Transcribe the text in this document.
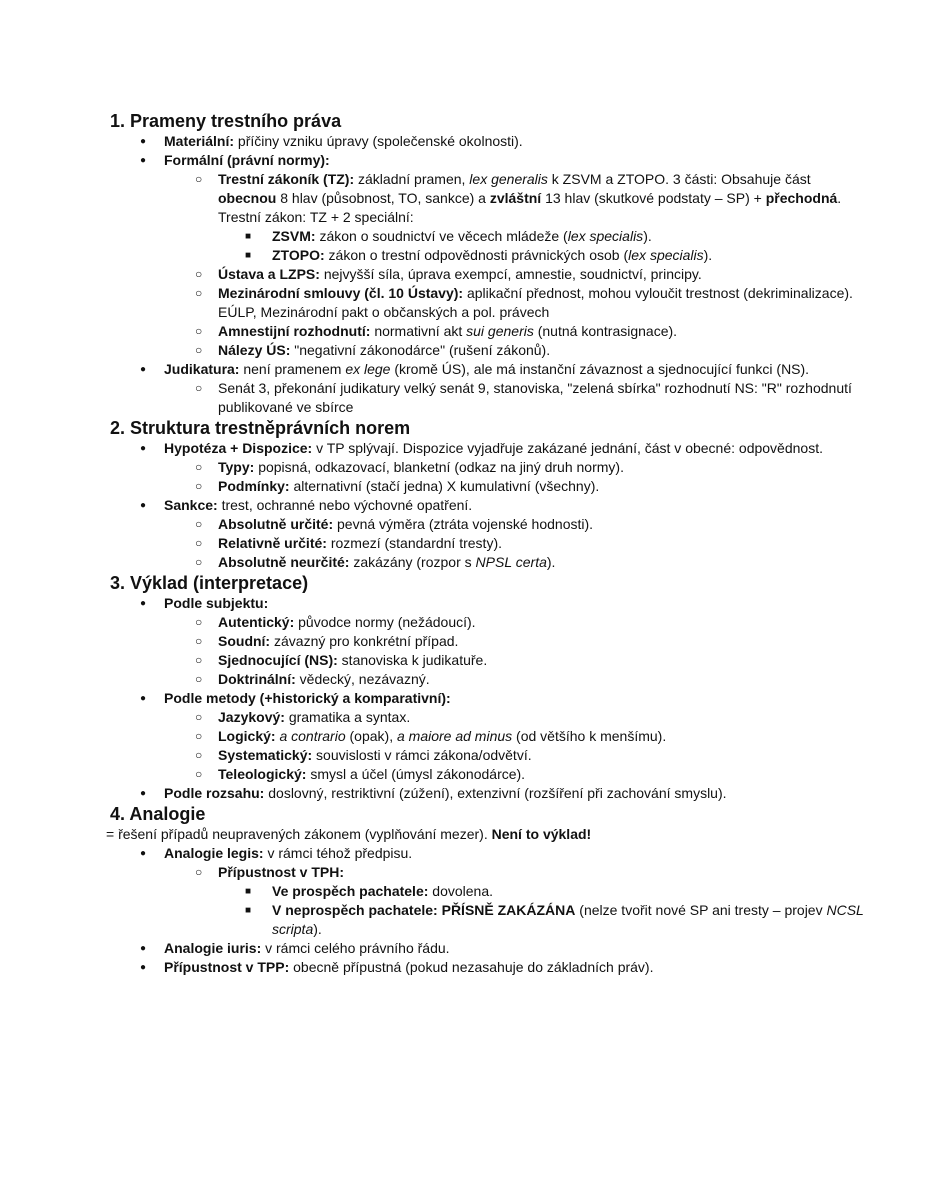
1. Prameny trestního práva
● Materiální: příčiny vzniku úpravy (společenské okolnosti).
● Formální (právní normy):
○ Trestní zákoník (TZ): základní pramen, lex generalis k ZSVM a ZTOPO. 3 části: Obsahuje část obecnou 8 hlav (působnost, TO, sankce) a zvláštní 13 hlav (skutkové podstaty – SP) + přechodná. Trestní zákon: TZ + 2 speciální:
■ ZSVM: zákon o soudnictví ve věcech mládeže (lex specialis).
■ ZTOPO: zákon o trestní odpovědnosti právnických osob (lex specialis).
○ Ústava a LZPS: nejvyšší síla, úprava exempcí, amnestie, soudnictví, principy.
○ Mezinárodní smlouvy (čl. 10 Ústavy): aplikační přednost, mohou vyloučit trestnost (dekriminalizace). EÚLP, Mezinárodní pakt o občanských a pol. právech
○ Amnestijní rozhodnutí: normativní akt sui generis (nutná kontrasignace).
○ Nálezy ÚS: "negativní zákonodárce" (rušení zákonů).
● Judikatura: není pramenem ex lege (kromě ÚS), ale má instanční závaznost a sjednocující funkci (NS).
○ Senát 3, překonání judikatury velký senát 9, stanoviska, "zelená sbírka" rozhodnutí NS: "R" rozhodnutí publikované ve sbírce
2. Struktura trestněprávních norem
● Hypotéza + Dispozice: v TP splývají. Dispozice vyjadřuje zakázané jednání, část v obecné: odpovědnost.
○ Typy: popisná, odkazovací, blanketní (odkaz na jiný druh normy).
○ Podmínky: alternativní (stačí jedna) X kumulativní (všechny).
● Sankce: trest, ochranné nebo výchovné opatření.
○ Absolutně určité: pevná výměra (ztráta vojenské hodnosti).
○ Relativně určité: rozmezí (standardní tresty).
○ Absolutně neurčité: zakázány (rozpor s NPSL certa).
3. Výklad (interpretace)
● Podle subjektu:
○ Autentický: původce normy (nežádoucí).
○ Soudní: závazný pro konkrétní případ.
○ Sjednocující (NS): stanoviska k judikatuře.
○ Doktrinální: vědecký, nezávazný.
● Podle metody (+historický a komparativní):
○ Jazykový: gramatika a syntax.
○ Logický: a contrario (opak), a maiore ad minus (od většího k menšímu).
○ Systematický: souvislosti v rámci zákona/odvětví.
○ Teleologický: smysl a účel (úmysl zákonodárce).
● Podle rozsahu: doslovný, restriktivní (zúžení), extenzivní (rozšíření při zachování smyslu).
4. Analogie
= řešení případů neupravených zákonem (vyplňování mezer). Není to výklad!
● Analogie legis: v rámci téhož předpisu.
○ Přípustnost v TPH:
■ Ve prospěch pachatele: dovolena.
■ V neprospěch pachatele: PŘÍSNĚ ZAKÁZÁNA (nelze tvořit nové SP ani tresty – projev NCSL scripta).
● Analogie iuris: v rámci celého právního řádu.
● Přípustnost v TPP: obecně přípustná (pokud nezasahuje do základních práv).
